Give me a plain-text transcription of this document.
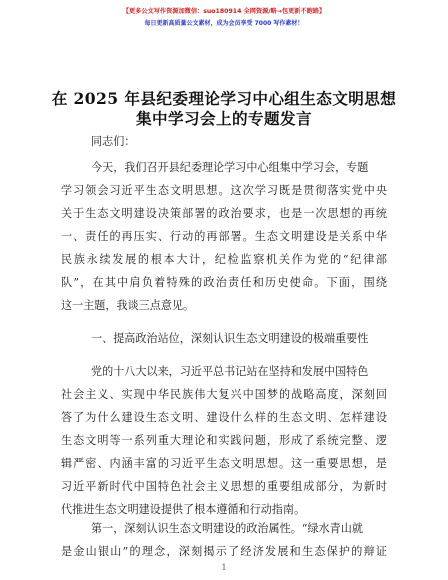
【更多公文写作资源加微信：suo180914 全网资源/略→包更新不跑路】
每日更新高质量公文素材，成为会员享受 7000 写作素材！
在 2025 年县纪委理论学习中心组生态文明思想
集中学习会上的专题发言
同志们：
今天，我们召开县纪委理论学习中心组集中学习会，专题
学习领会习近平生态文明思想。这次学习既是贯彻落实党中央
关于生态文明建设决策部署的政治要求，也是一次思想的再统
一、责任的再压实、行动的再部署。生态文明建设是关系中华
民族永续发展的根本大计，纪检监察机关作为党的“纪律部
队”，在其中肩负着特殊的政治责任和历史使命。下面，围绕
这一主题，我谈三点意见。
一、提高政治站位，深刻认识生态文明建设的极端重要性
党的十八大以来，习近平总书记站在坚持和发展中国特色
社会主义、实现中华民族伟大复兴中国梦的战略高度，深刻回
答了为什么建设生态文明、建设什么样的生态文明、怎样建设
生态文明等一系列重大理论和实践问题，形成了系统完整、逻
辑严密、内涵丰富的习近平生态文明思想。这一重要思想，是
习近平新时代中国特色社会主义思想的重要组成部分，为新时
代推进生态文明建设提供了根本遵循和行动指南。
第一，深刻认识生态文明建设的政治属性。“绿水青山就
1
是金山银山”的理念，深刻揭示了经济发展和生态保护的辩证
